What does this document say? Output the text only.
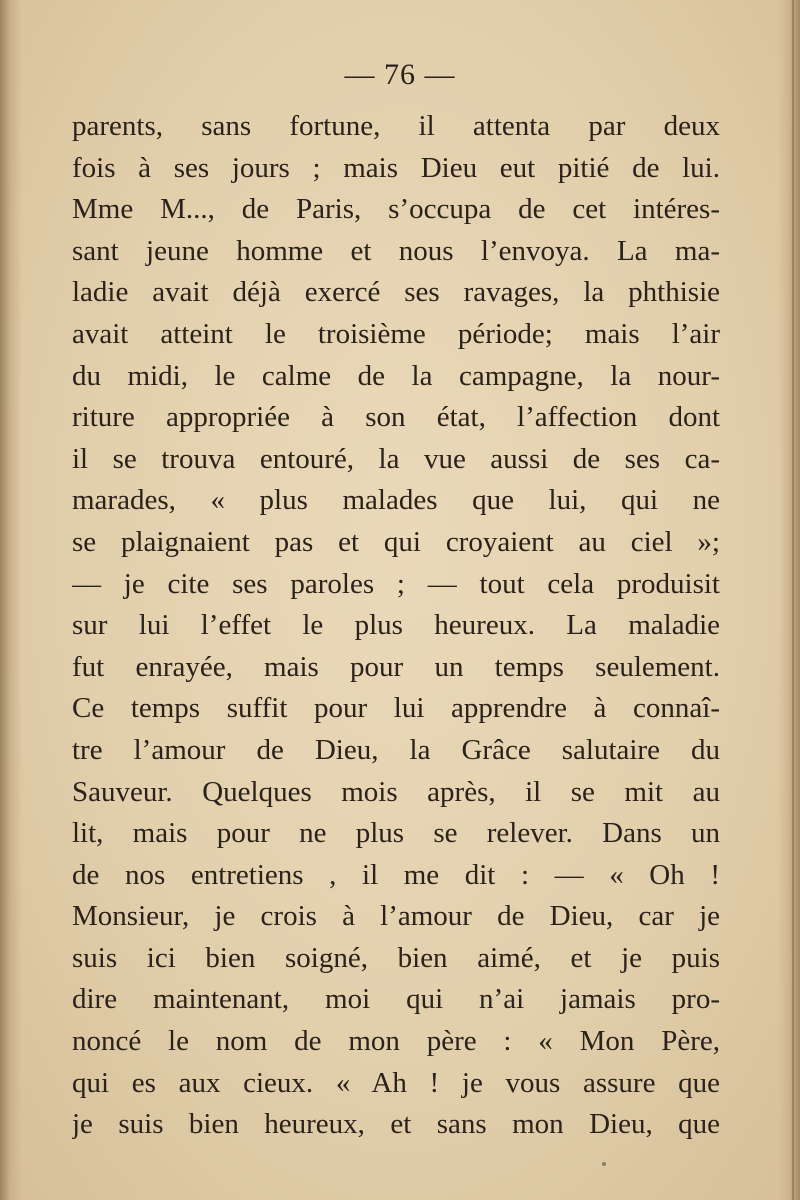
— 76 —
parents, sans fortune, il attenta par deux
fois à ses jours ; mais Dieu eut pitié de lui.
Mme M..., de Paris, s’occupa de cet intéres-
sant jeune homme et nous l’envoya. La ma-
ladie avait déjà exercé ses ravages, la phthisie
avait atteint le troisième période; mais l’air
du midi, le calme de la campagne, la nour-
riture appropriée à son état, l’affection dont
il se trouva entouré, la vue aussi de ses ca-
marades, « plus malades que lui, qui ne
se plaignaient pas et qui croyaient au ciel »;
— je cite ses paroles ; — tout cela produisit
sur lui l’effet le plus heureux. La maladie
fut enrayée, mais pour un temps seulement.
Ce temps suffit pour lui apprendre à connaî-
tre l’amour de Dieu, la Grâce salutaire du
Sauveur. Quelques mois après, il se mit au
lit, mais pour ne plus se relever. Dans un
de nos entretiens , il me dit : — « Oh !
Monsieur, je crois à l’amour de Dieu, car je
suis ici bien soigné, bien aimé, et je puis
dire maintenant, moi qui n’ai jamais pro-
noncé le nom de mon père : « Mon Père,
qui es aux cieux. « Ah ! je vous assure que
je suis bien heureux, et sans mon Dieu, que
